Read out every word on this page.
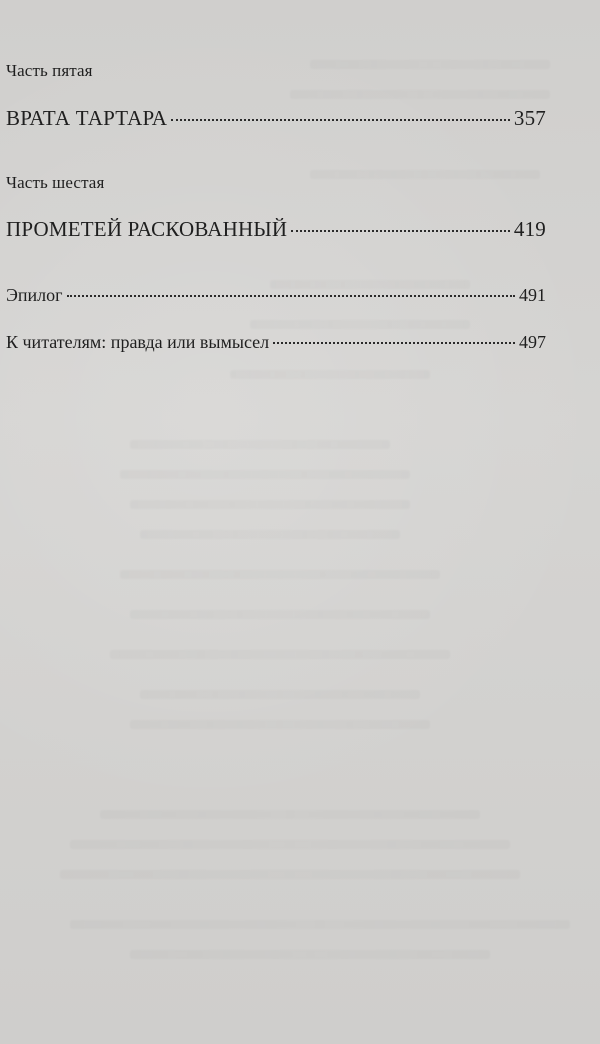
Часть пятая
ВРАТА ТАРТАРА	357
Часть шестая
ПРОМЕТЕЙ РАСКОВАННЫЙ	419
Эпилог	491
К читателям: правда или вымысел	497
